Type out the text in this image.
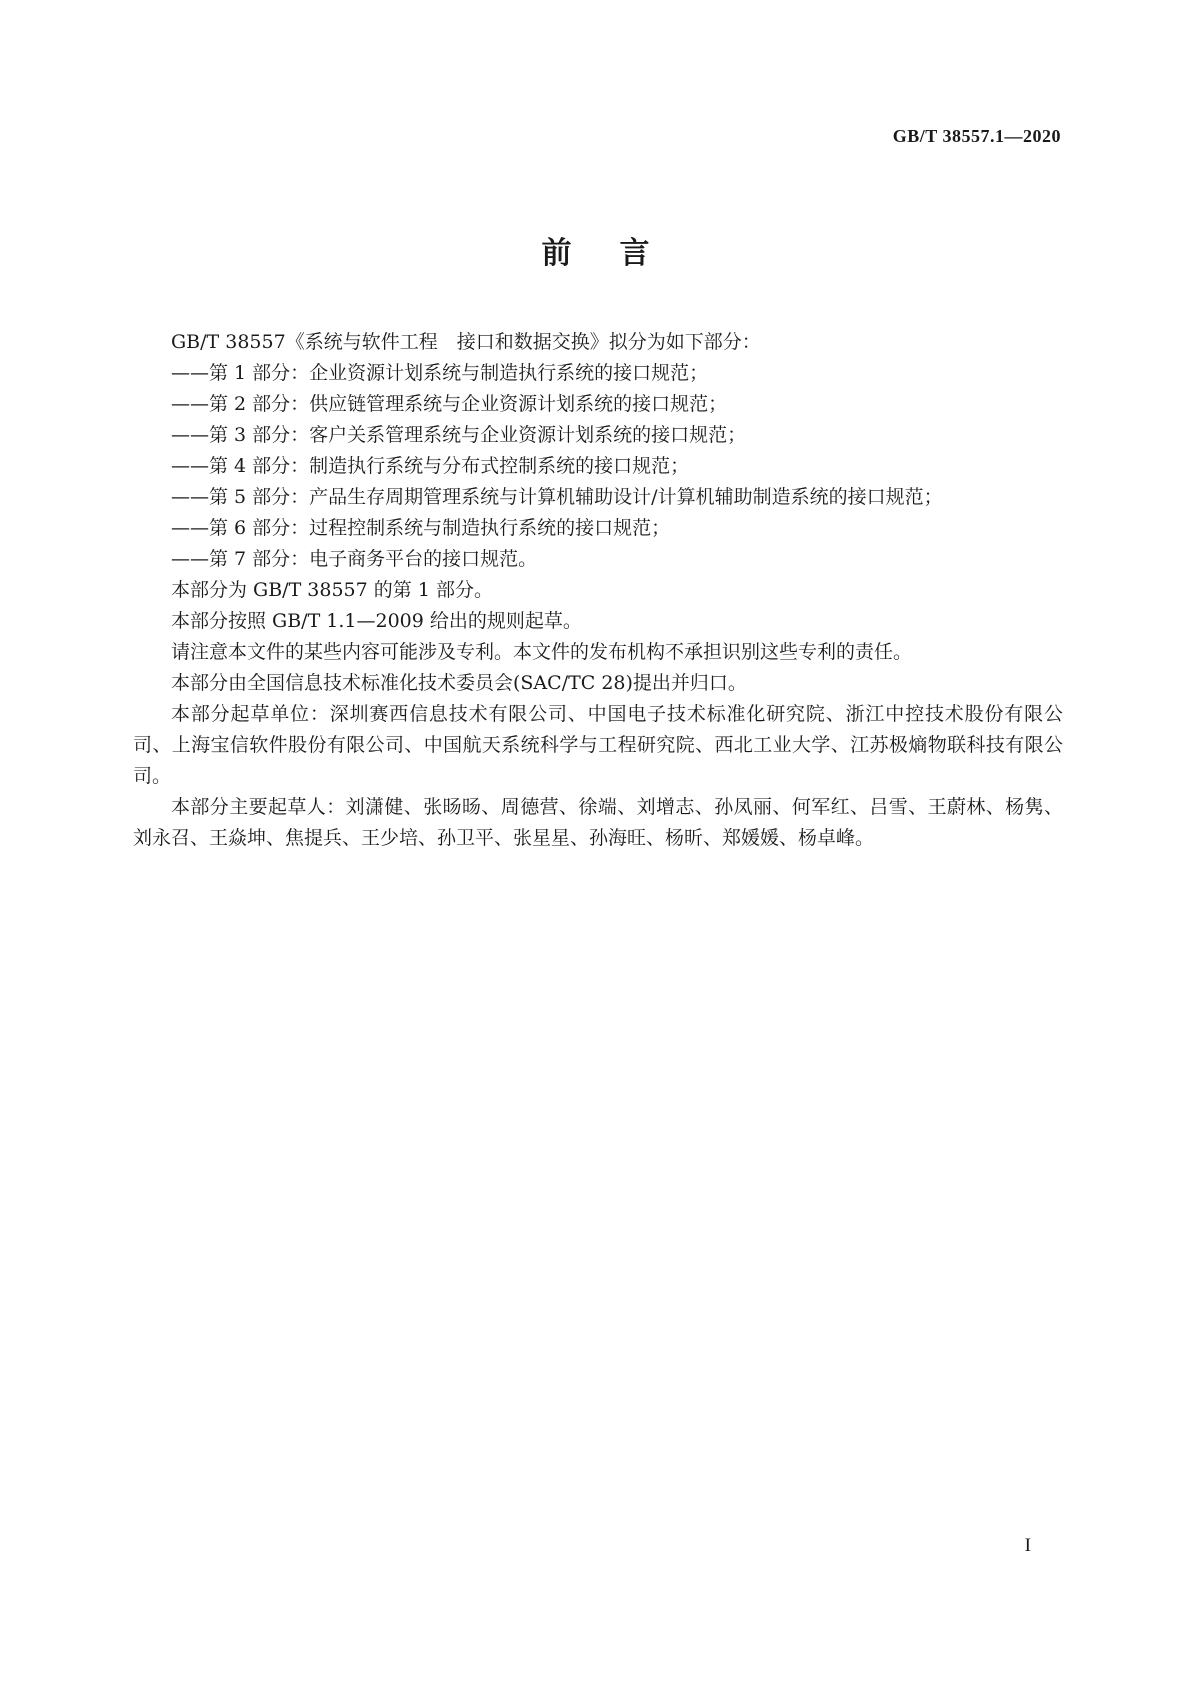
GB/T 38557.1—2020
前言

GB/T 38557《系统与软件工程　接口和数据交换》拟分为如下部分：

——第 1 部分：企业资源计划系统与制造执行系统的接口规范；

——第 2 部分：供应链管理系统与企业资源计划系统的接口规范；

——第 3 部分：客户关系管理系统与企业资源计划系统的接口规范；

——第 4 部分：制造执行系统与分布式控制系统的接口规范；

——第 5 部分：产品生存周期管理系统与计算机辅助设计/计算机辅助制造系统的接口规范；

——第 6 部分：过程控制系统与制造执行系统的接口规范；

——第 7 部分：电子商务平台的接口规范。

本部分为 GB/T 38557 的第 1 部分。

本部分按照 GB/T 1.1—2009 给出的规则起草。

请注意本文件的某些内容可能涉及专利。本文件的发布机构不承担识别这些专利的责任。

本部分由全国信息技术标准化技术委员会(SAC/TC 28)提出并归口。

本部分起草单位：深圳赛西信息技术有限公司、中国电子技术标准化研究院、浙江中控技术股份有限公司、上海宝信软件股份有限公司、中国航天系统科学与工程研究院、西北工业大学、江苏极熵物联科技有限公司。

本部分主要起草人：刘潇健、张旸旸、周德营、徐端、刘增志、孙凤丽、何军红、吕雪、王蔚林、杨隽、刘永召、王焱坤、焦提兵、王少培、孙卫平、张星星、孙海旺、杨昕、郑媛媛、杨卓峰。

I
